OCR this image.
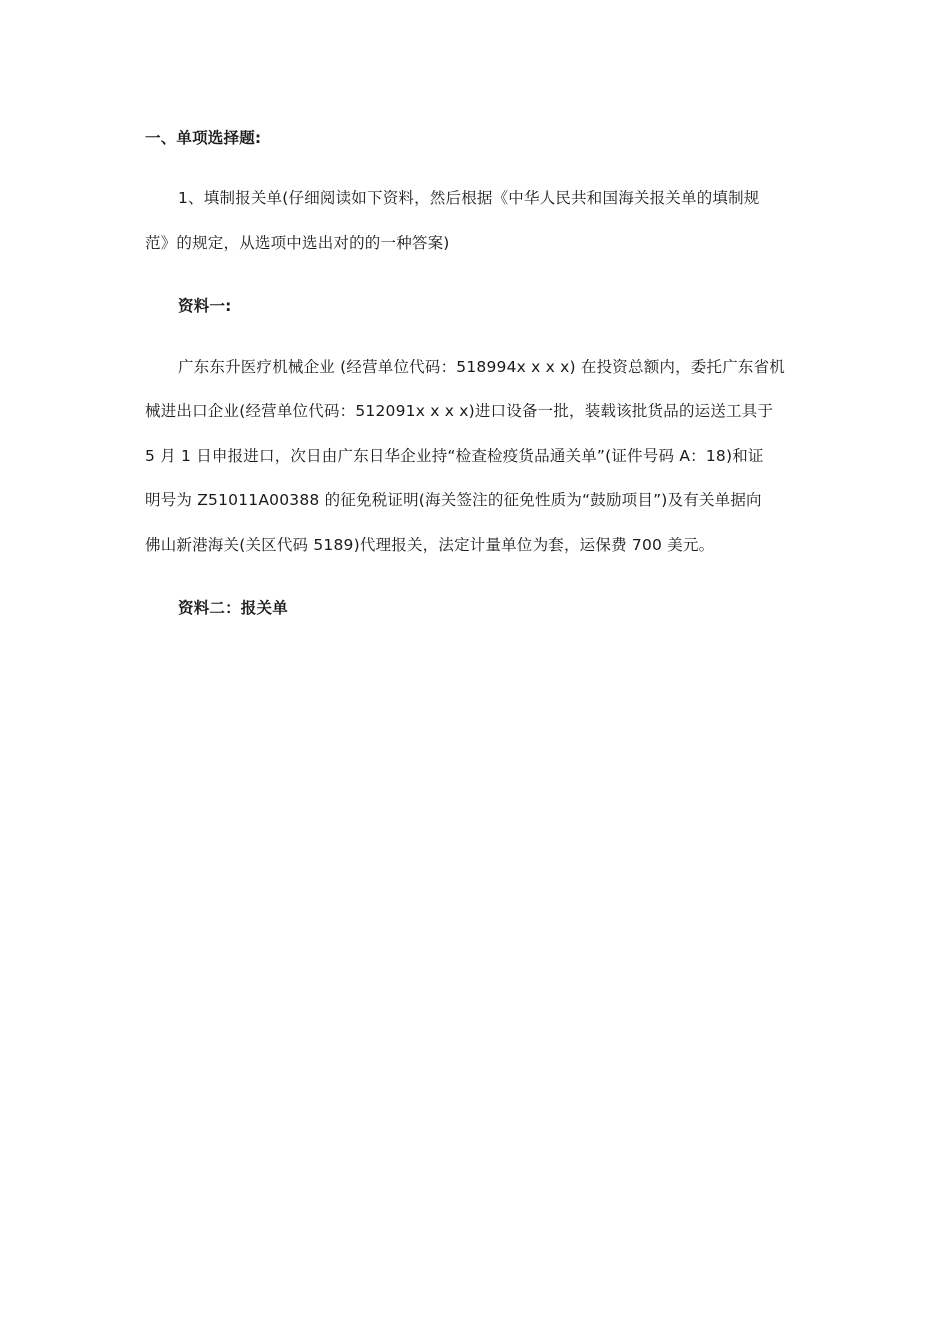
一、单项选择题:
1、填制报关单(仔细阅读如下资料，然后根据《中华人民共和国海关报关单的填制规
范》的规定，从选项中选出对的的一种答案)
资料一:
广东东升医疗机械企业 (经营单位代码：518994x x x x) 在投资总额内，委托广东省机
械进出口企业(经营单位代码：512091x x x x)进口设备一批，装载该批货品的运送工具于
5 月 1 日申报进口，次日由广东日华企业持“检查检疫货品通关单”(证件号码 A：18)和证
明号为 Z51011A00388 的征免税证明(海关签注的征免性质为“鼓励项目”)及有关单据向
佛山新港海关(关区代码 5189)代理报关，法定计量单位为套，运保费 700 美元。
资料二：报关单
